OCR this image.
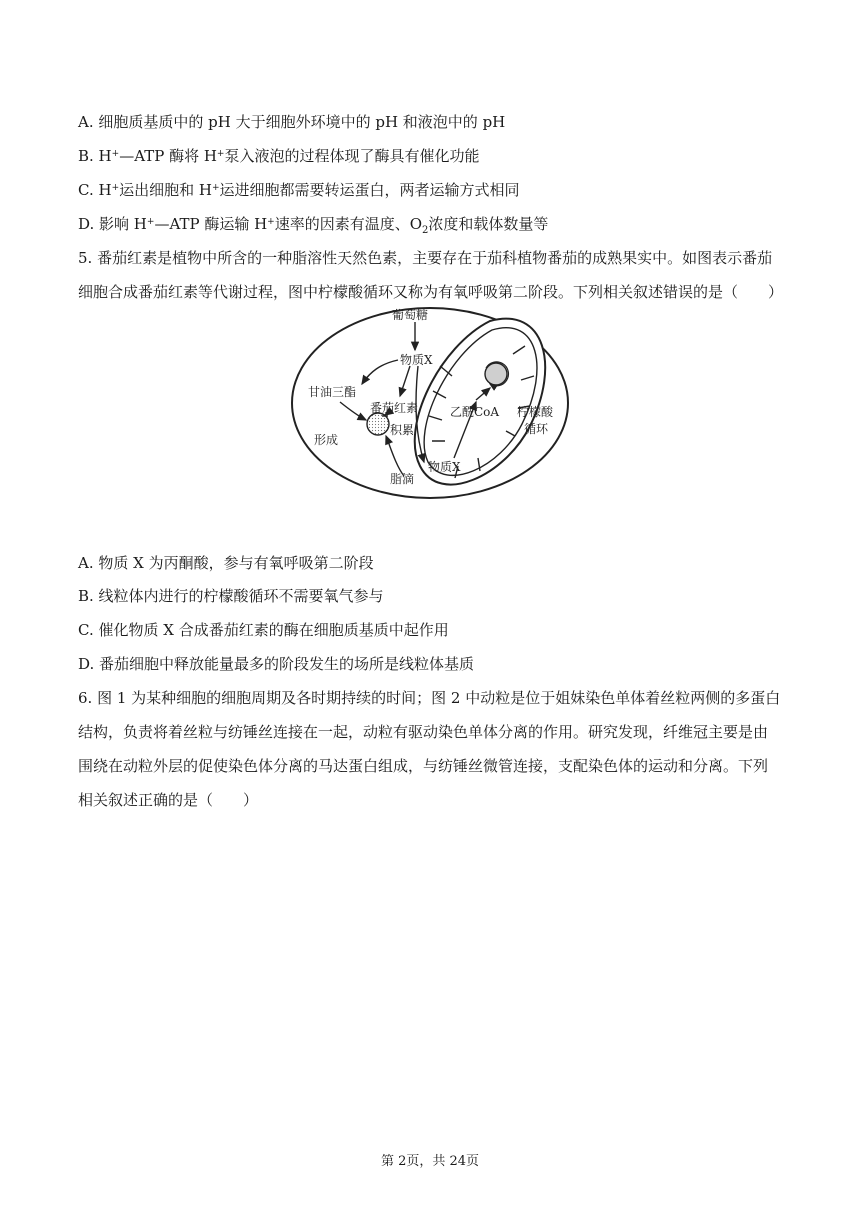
A. 细胞质基质中的 pH 大于细胞外环境中的 pH 和液泡中的 pH
B. H+—ATP 酶将 H+泵入液泡的过程体现了酶具有催化功能
C. H+运出细胞和 H+运进细胞都需要转运蛋白，两者运输方式相同
D. 影响 H+—ATP 酶运输 H+速率的因素有温度、$O_2$浓度和载体数量等
5. 番茄红素是植物中所含的一种脂溶性天然色素，主要存在于茄科植物番茄的成熟果实中。如图表示番茄
细胞合成番茄红素等代谢过程，图中柠檬酸循环又称为有氧呼吸第二阶段。下列相关叙述错误的是（　　）
葡萄糖
物质X
甘油三酯
番茄红素
积累
形成
脂滴
乙酰CoA 柠檬酸
循环
物质X
A. 物质 X 为丙酮酸，参与有氧呼吸第二阶段
B. 线粒体内进行的柠檬酸循环不需要氧气参与
C. 催化物质 X 合成番茄红素的酶在细胞质基质中起作用
D. 番茄细胞中释放能量最多的阶段发生的场所是线粒体基质
6. 图 1 为某种细胞的细胞周期及各时期持续的时间；图 2 中动粒是位于姐妹染色单体着丝粒两侧的多蛋白
结构，负责将着丝粒与纺锤丝连接在一起，动粒有驱动染色单体分离的作用。研究发现，纤维冠主要是由
围绕在动粒外层的促使染色体分离的马达蛋白组成，与纺锤丝微管连接，支配染色体的运动和分离。下列
相关叙述正确的是（　　）
第 2页，共 24页
